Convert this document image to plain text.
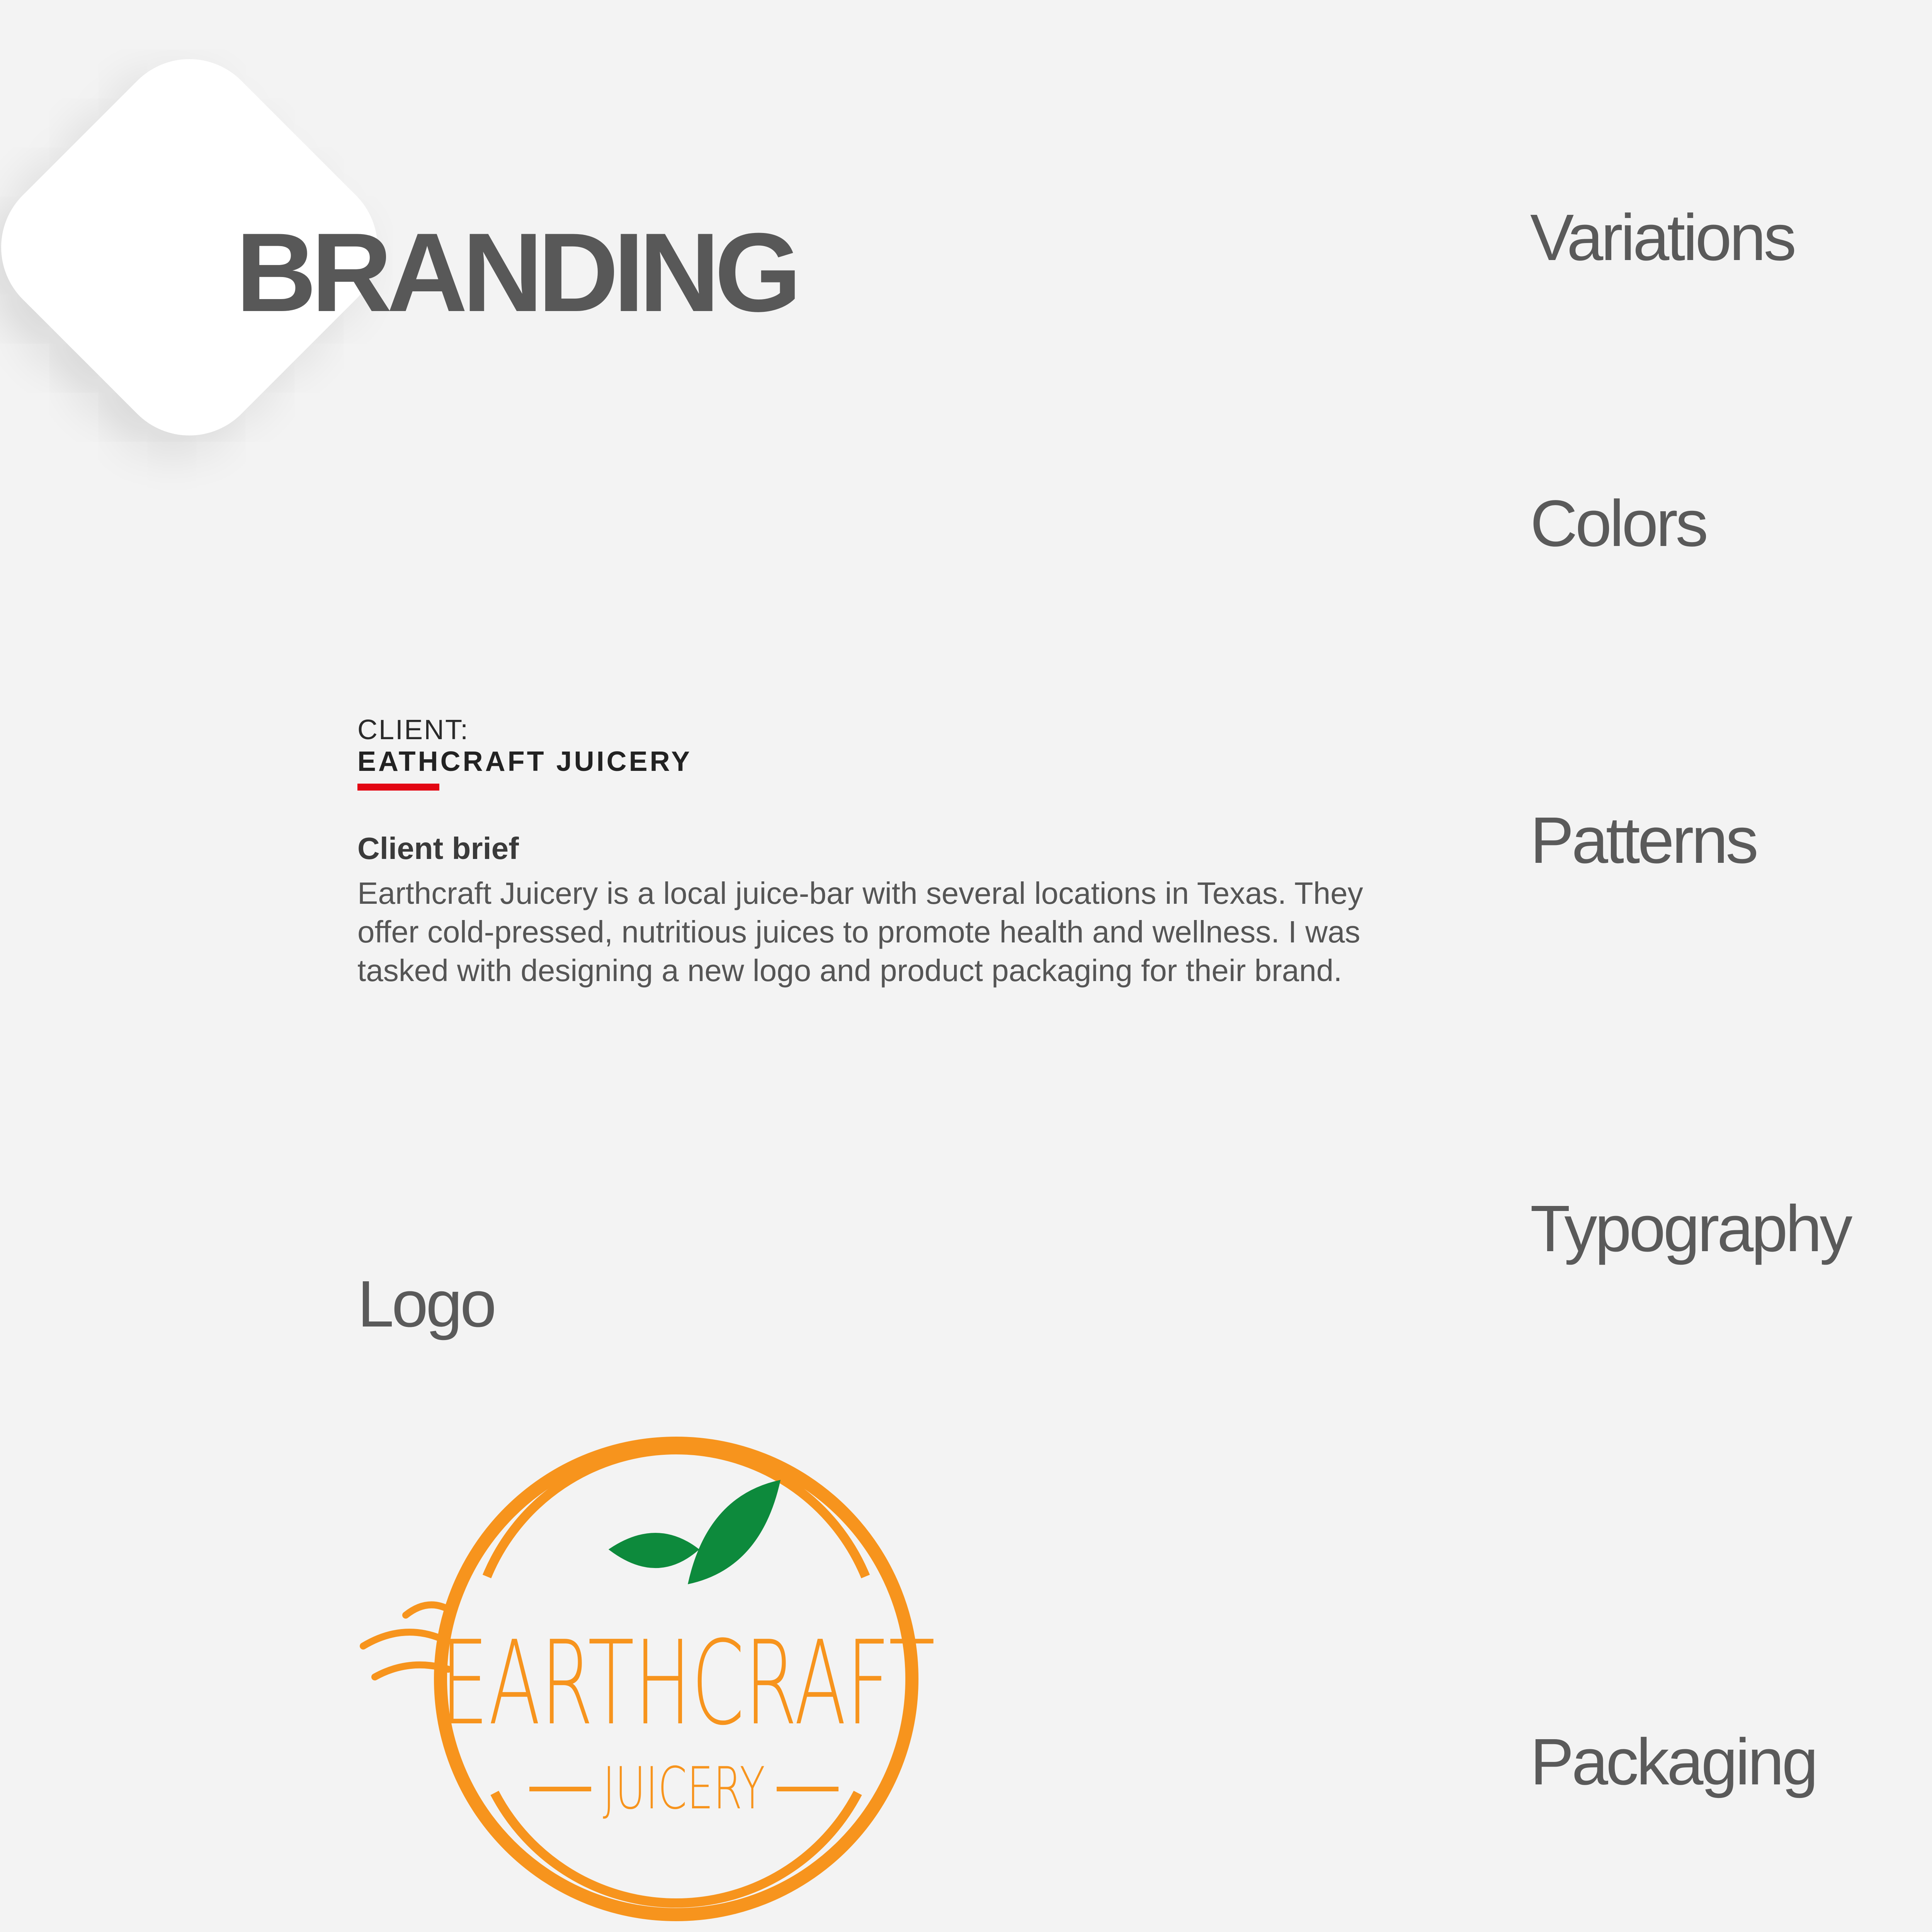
BRANDING
CLIENT:
EATHCRAFT JUICERY
Client brief
Earthcraft Juicery is a local juice-bar with several locations in Texas. They offer cold-pressed, nutritious juices to promote health and wellness. I was tasked with designing a new logo and product packaging for their brand.
Logo
EARTHCRAFT
JUICERY
Variations
Colors
Patterns
Typography
Packaging
